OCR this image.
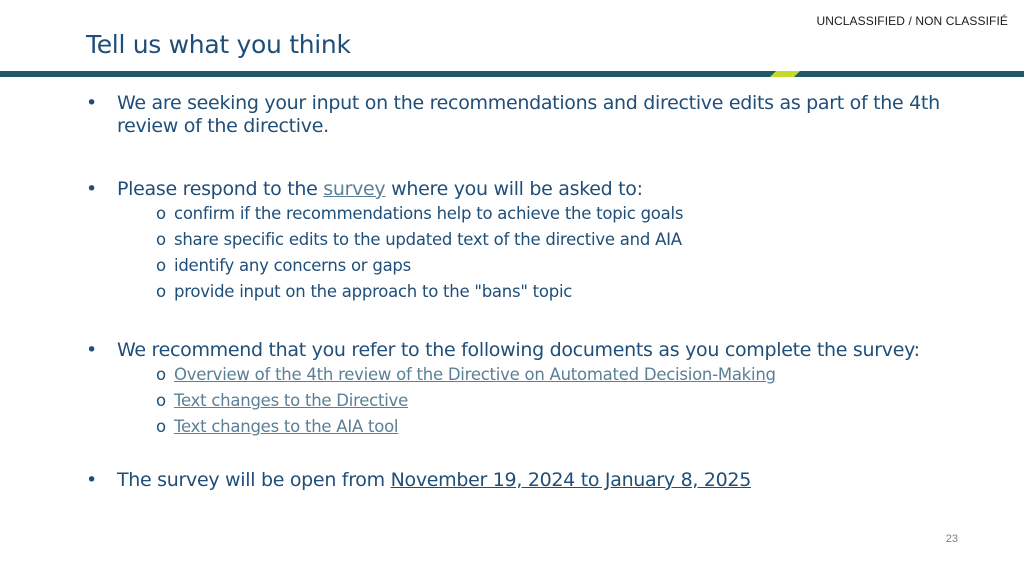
UNCLASSIFIED / NON CLASSIFIÉ
Tell us what you think
•	We are seeking your input on the recommendations and directive edits as part of the 4th review of the directive.
•	Please respond to the survey where you will be asked to:
o confirm if the recommendations help to achieve the topic goals
o share specific edits to the updated text of the directive and AIA
o identify any concerns or gaps
o provide input on the approach to the "bans" topic
•	We recommend that you refer to the following documents as you complete the survey:
o Overview of the 4th review of the Directive on Automated Decision-Making
o Text changes to the Directive
o Text changes to the AIA tool
•	The survey will be open from November 19, 2024 to January 8, 2025
23
